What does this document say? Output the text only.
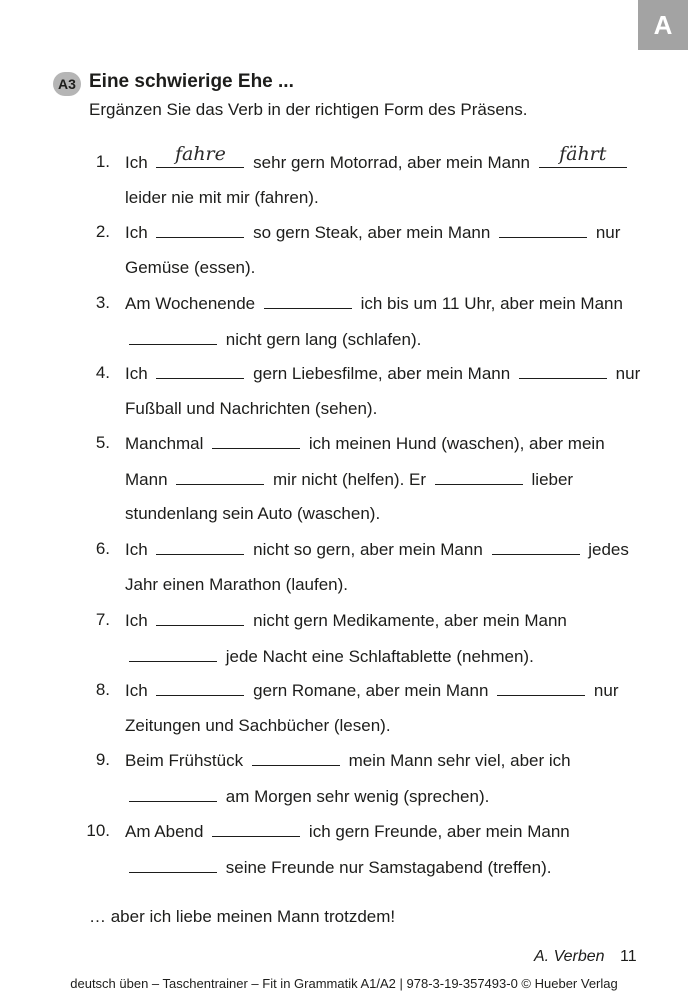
A
A3 Eine schwierige Ehe ...
Ergänzen Sie das Verb in der richtigen Form des Präsens.
1. Ich	fahre	sehr gern Motorrad, aber mein Mann	fährt
leider nie mit mir (fahren).
2. Ich	so gern Steak, aber mein Mann	nur
Gemüse (essen).
3. Am Wochenende	ich bis um 11 Uhr, aber mein Mann
nicht gern lang (schlafen).
4. Ich	gern Liebesfilme, aber mein Mann	nur
Fußball und Nachrichten (sehen).
5. Manchmal	ich meinen Hund (waschen), aber mein
Mann	mir nicht (helfen). Er	lieber
stundenlang sein Auto (waschen).
6. Ich	nicht so gern, aber mein Mann	jedes
Jahr einen Marathon (laufen).
7. Ich	nicht gern Medikamente, aber mein Mann
jede Nacht eine Schlaftablette (nehmen).
8. Ich	gern Romane, aber mein Mann	nur
Zeitungen und Sachbücher (lesen).
9. Beim Frühstück	mein Mann sehr viel, aber ich
am Morgen sehr wenig (sprechen).
10. Am Abend	ich gern Freunde, aber mein Mann
seine Freunde nur Samstagabend (treffen).
… aber ich liebe meinen Mann trotzdem!
A. Verben 11
deutsch üben – Taschentrainer – Fit in Grammatik A1/A2 | 978-3-19-357493-0 © Hueber Verlag
